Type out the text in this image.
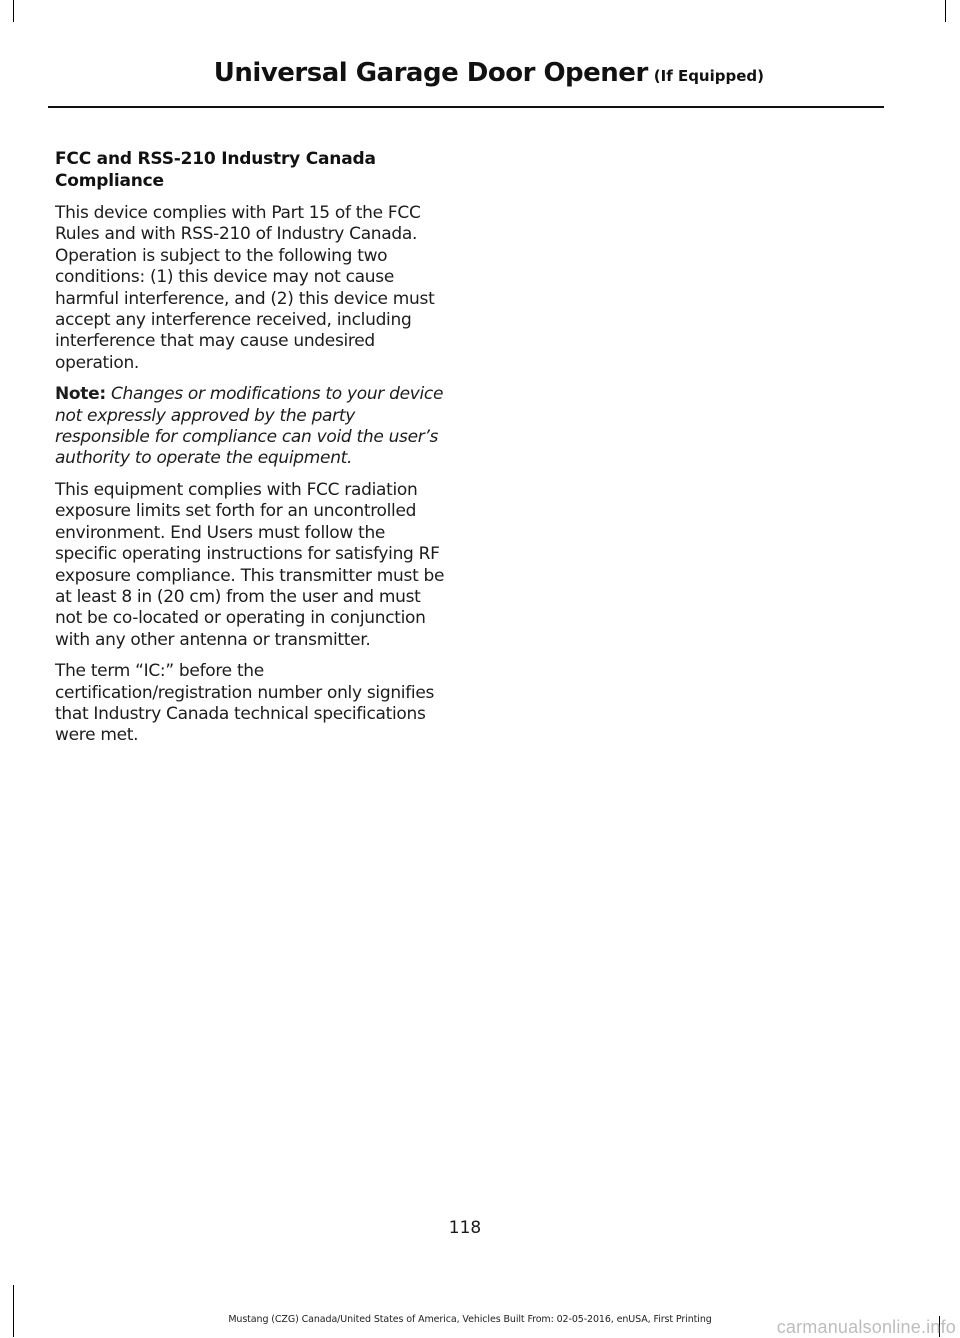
Universal Garage Door Opener (If Equipped)
FCC and RSS-210 Industry Canada Compliance

This device complies with Part 15 of the FCC Rules and with RSS-210 of Industry Canada. Operation is subject to the following two conditions: (1) this device may not cause harmful interference, and (2) this device must accept any interference received, including interference that may cause undesired operation.

Note: Changes or modifications to your device not expressly approved by the party responsible for compliance can void the user’s authority to operate the equipment.

This equipment complies with FCC radiation exposure limits set forth for an uncontrolled environment. End Users must follow the specific operating instructions for satisfying RF exposure compliance. This transmitter must be at least 8 in (20 cm) from the user and must not be co-located or operating in conjunction with any other antenna or transmitter.

The term “IC:” before the certification/registration number only signifies that Industry Canada technical specifications were met.

118
Mustang (CZG) Canada/United States of America, Vehicles Built From: 02-05-2016, enUSA, First Printing	carmanualsonline.info
